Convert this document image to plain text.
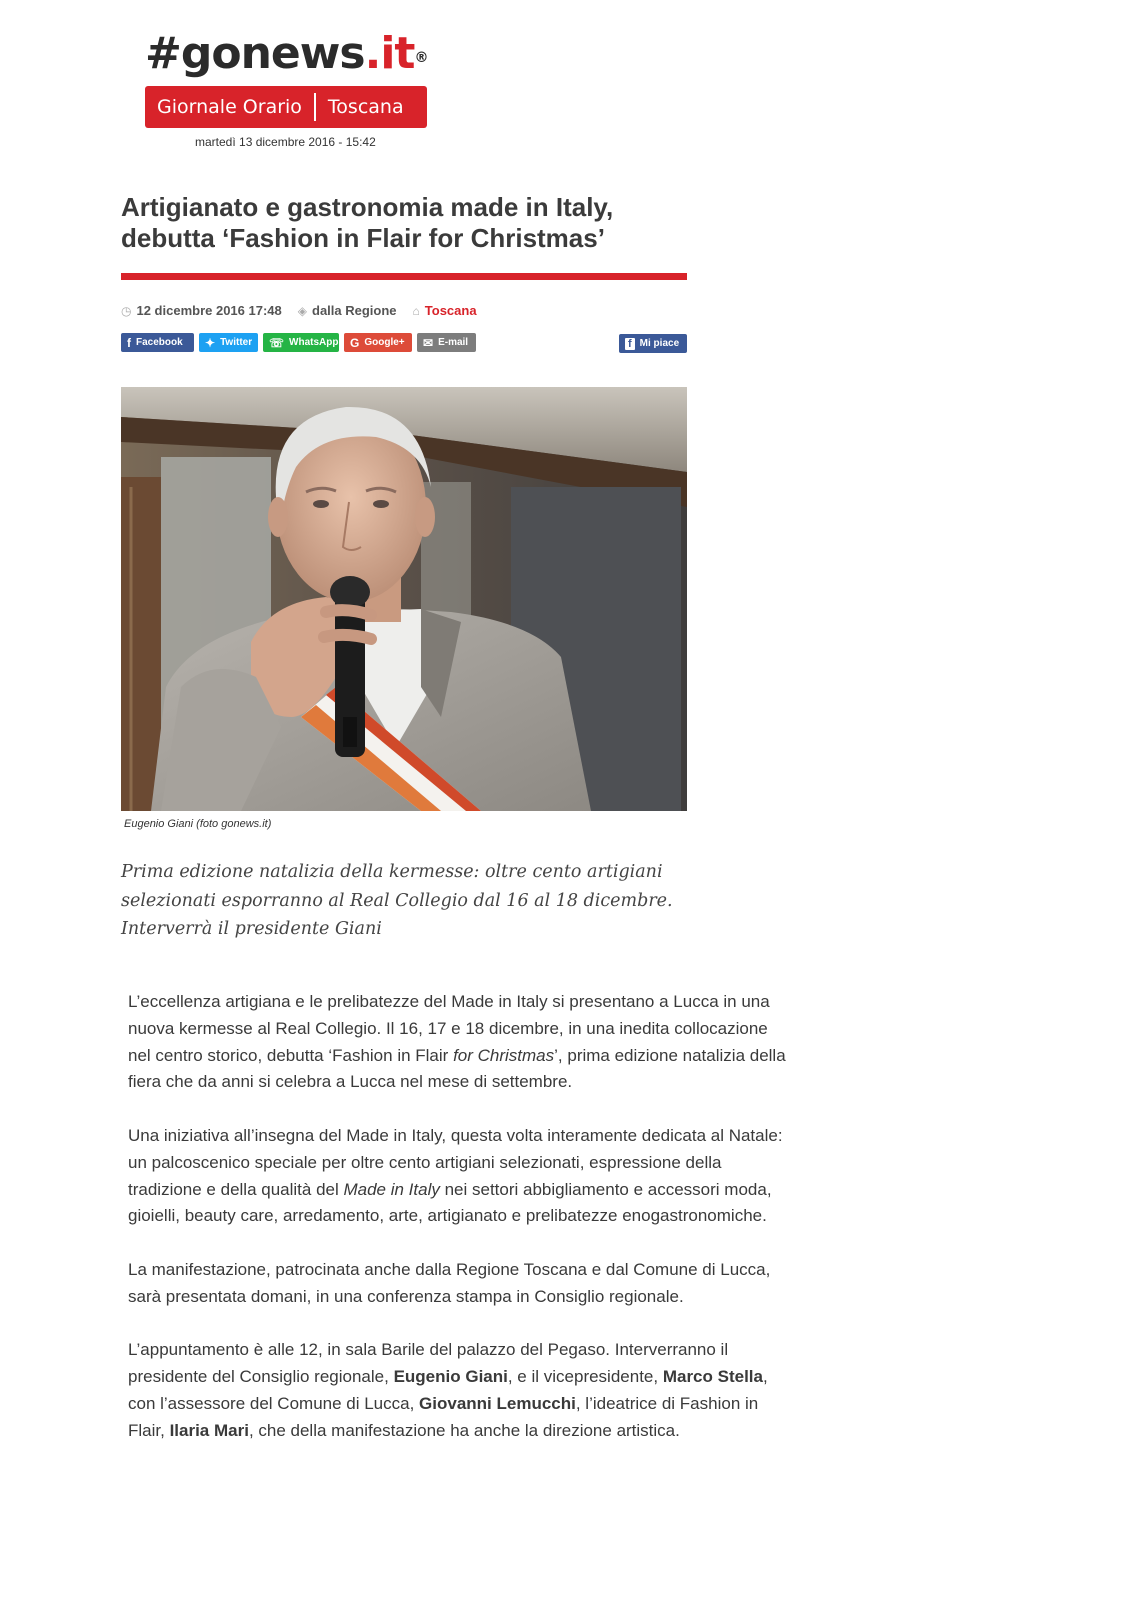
#gonews.it®
Giornale Orario Toscana
martedì 13 dicembre 2016 - 15:42
Artigianato e gastronomia made in Italy,
debutta ‘Fashion in Flair for Christmas’
◷ 12 dicembre 2016 17:48 ◈ dalla Regione ⌂ Toscana
f Facebook ✦ Twitter ☏ WhatsApp G Google+ ✉ E-mail	f Mi piace
Eugenio Giani (foto gonews.it)

Prima edizione natalizia della kermesse: oltre cento artigiani selezionati esporranno al Real Collegio dal 16 al 18 dicembre. Interverrà il presidente Giani

L’eccellenza artigiana e le prelibatezze del Made in Italy si presentano a Lucca in una nuova kermesse al Real Collegio. Il 16, 17 e 18 dicembre, in una inedita collocazione nel centro storico, debutta ‘Fashion in Flair for Christmas’, prima edizione natalizia della fiera che da anni si celebra a Lucca nel mese di settembre.

Una iniziativa all’insegna del Made in Italy, questa volta interamente dedicata al Natale: un palcoscenico speciale per oltre cento artigiani selezionati, espressione della tradizione e della qualità del Made in Italy nei settori abbigliamento e accessori moda, gioielli, beauty care, arredamento, arte, artigianato e prelibatezze enogastronomiche.

La manifestazione, patrocinata anche dalla Regione Toscana e dal Comune di Lucca, sarà presentata domani, in una conferenza stampa in Consiglio regionale.

L’appuntamento è alle 12, in sala Barile del palazzo del Pegaso. Interverranno il presidente del Consiglio regionale, Eugenio Giani, e il vicepresidente, Marco Stella, con l’assessore del Comune di Lucca, Giovanni Lemucchi, l’ideatrice di Fashion in Flair, Ilaria Mari, che della manifestazione ha anche la direzione artistica.
